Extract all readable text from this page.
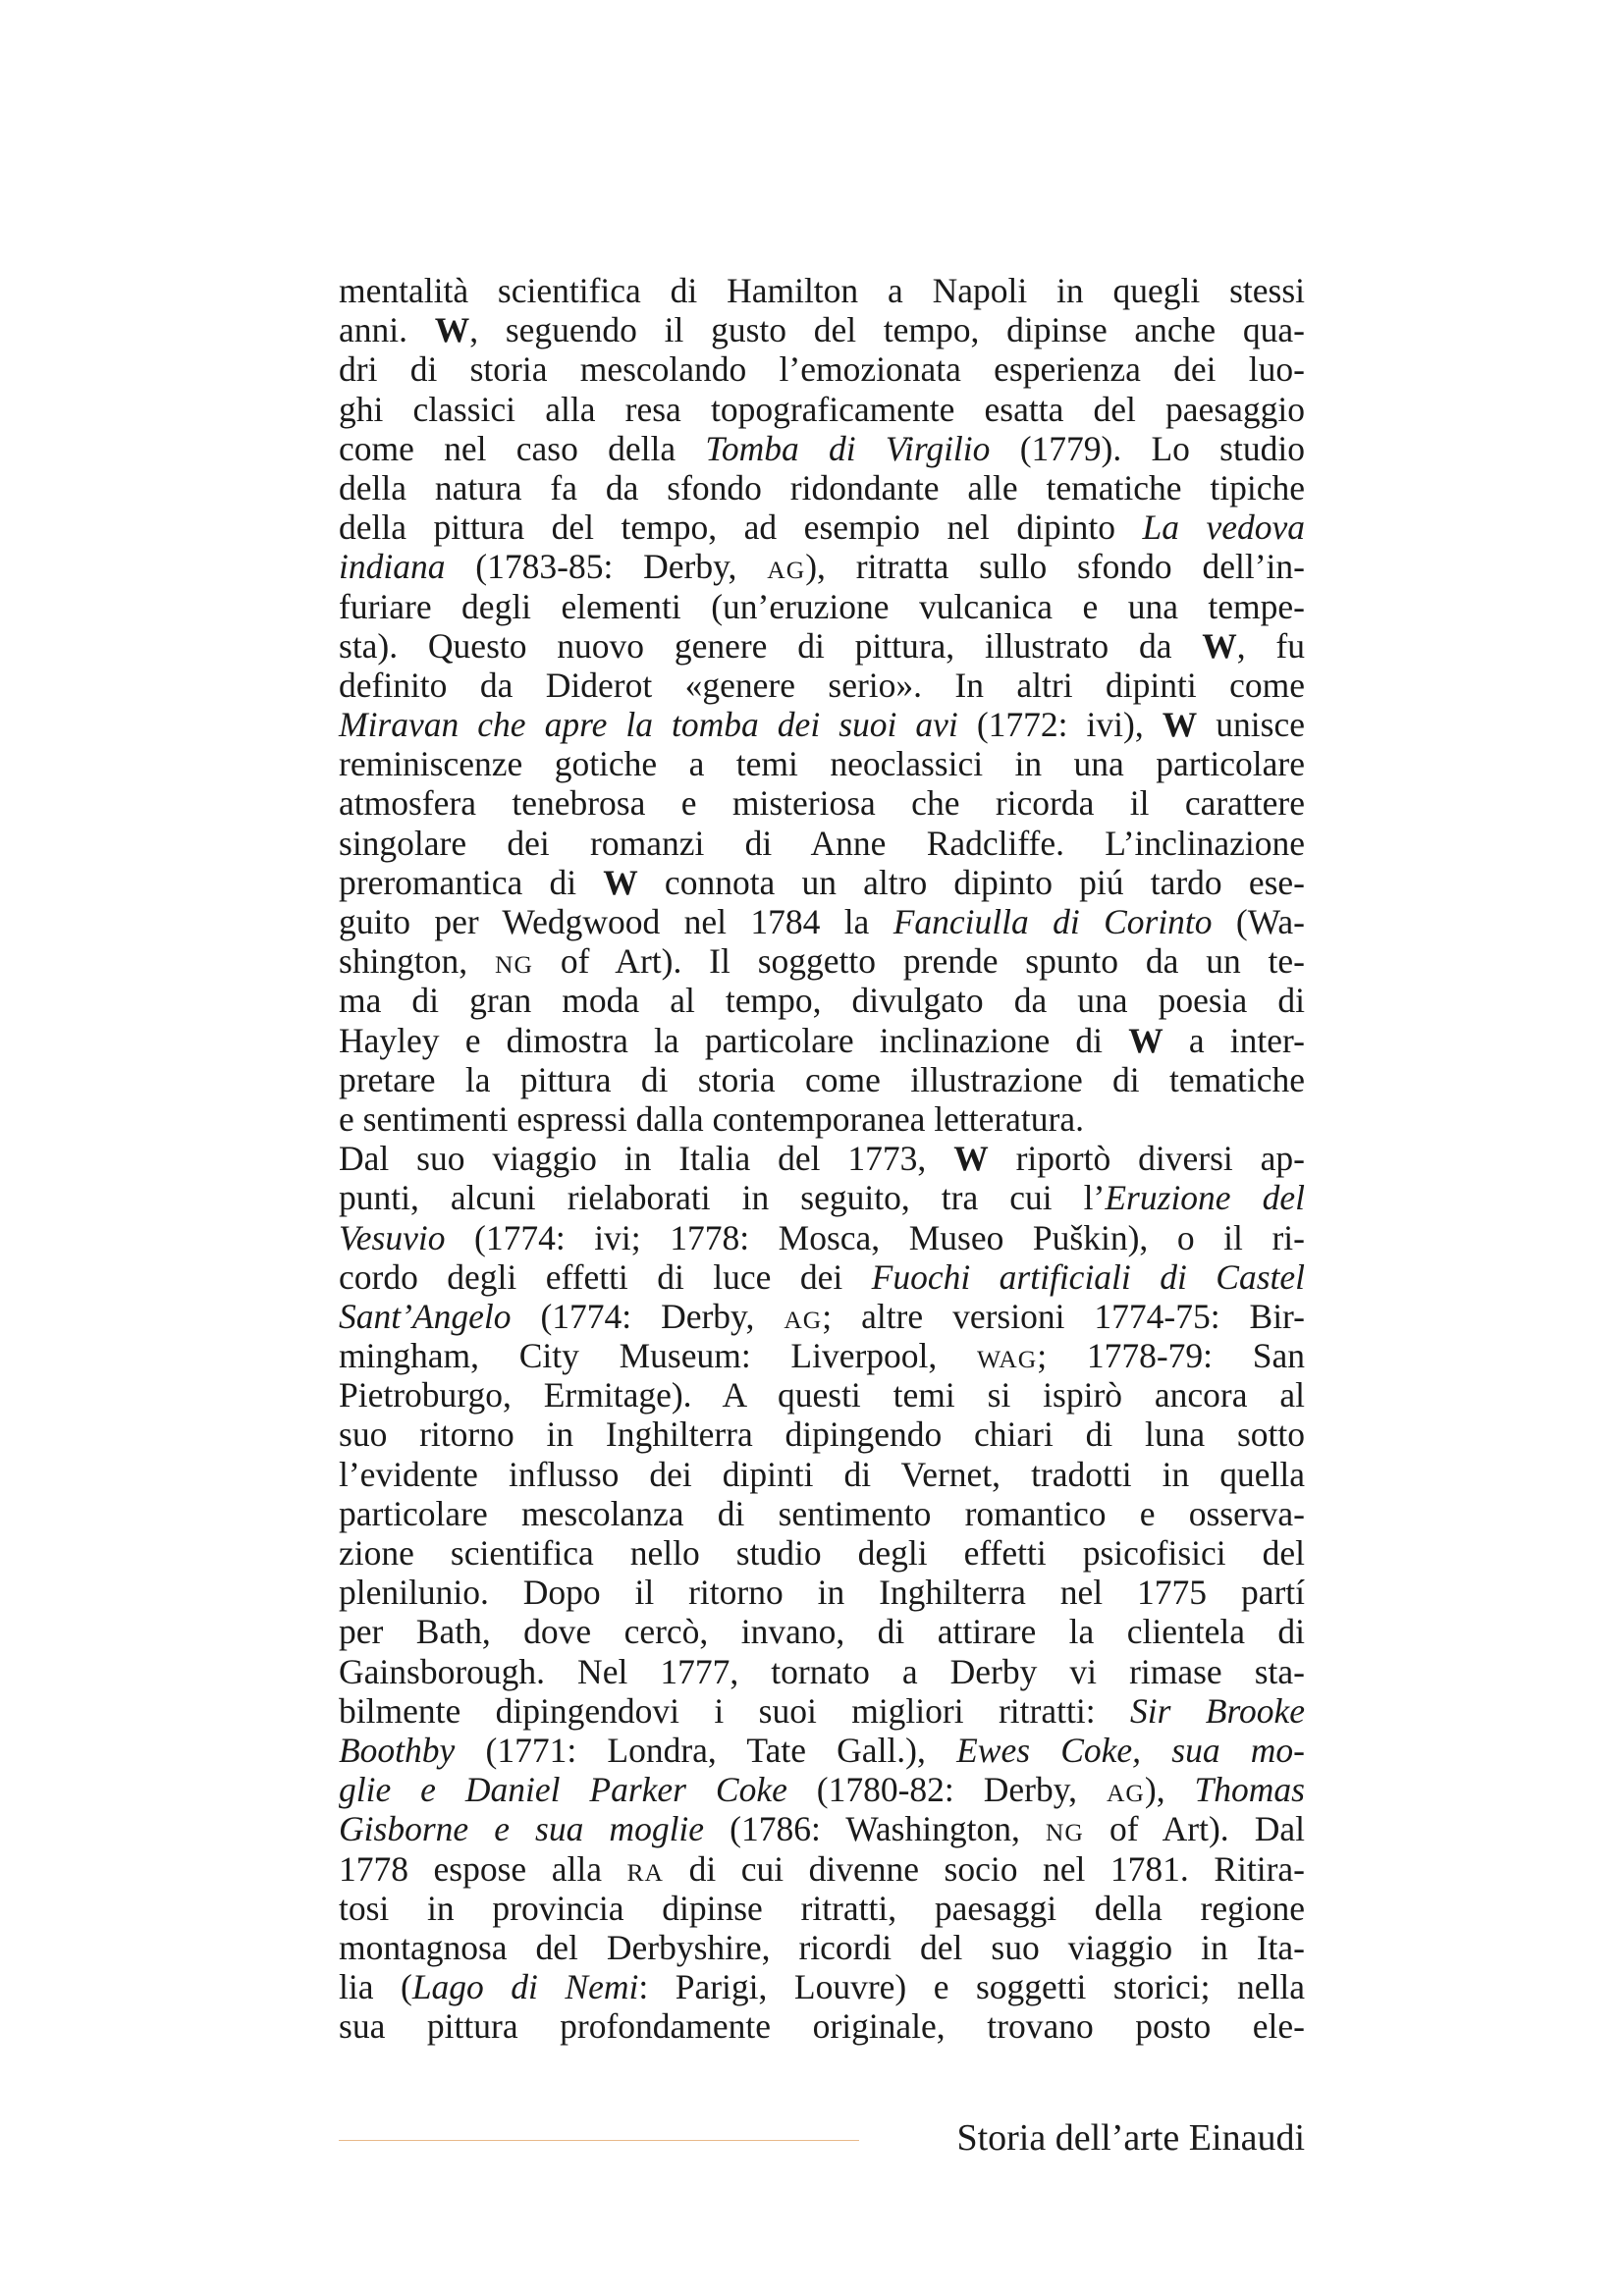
mentalità scientifica di Hamilton a Napoli in quegli stessi
anni. W, seguendo il gusto del tempo, dipinse anche qua-
dri di storia mescolando l’emozionata esperienza dei luo-
ghi classici alla resa topograficamente esatta del paesaggio
come nel caso della Tomba di Virgilio (1779). Lo studio
della natura fa da sfondo ridondante alle tematiche tipiche
della pittura del tempo, ad esempio nel dipinto La vedova
indiana (1783-85: Derby, AG), ritratta sullo sfondo dell’in-
furiare degli elementi (un’eruzione vulcanica e una tempe-
sta). Questo nuovo genere di pittura, illustrato da W, fu
definito da Diderot «genere serio». In altri dipinti come
Miravan che apre la tomba dei suoi avi (1772: ivi), W unisce
reminiscenze gotiche a temi neoclassici in una particolare
atmosfera tenebrosa e misteriosa che ricorda il carattere
singolare dei romanzi di Anne Radcliffe. L’inclinazione
preromantica di W connota un altro dipinto piú tardo ese-
guito per Wedgwood nel 1784 la Fanciulla di Corinto (Wa-
shington, NG of Art). Il soggetto prende spunto da un te-
ma di gran moda al tempo, divulgato da una poesia di
Hayley e dimostra la particolare inclinazione di W a inter-
pretare la pittura di storia come illustrazione di tematiche
e sentimenti espressi dalla contemporanea letteratura.
Dal suo viaggio in Italia del 1773, W riportò diversi ap-
punti, alcuni rielaborati in seguito, tra cui l’Eruzione del
Vesuvio (1774: ivi; 1778: Mosca, Museo Puškin), o il ri-
cordo degli effetti di luce dei Fuochi artificiali di Castel
Sant’Angelo (1774: Derby, AG; altre versioni 1774-75: Bir-
mingham, City Museum: Liverpool, WAG; 1778-79: San
Pietroburgo, Ermitage). A questi temi si ispirò ancora al
suo ritorno in Inghilterra dipingendo chiari di luna sotto
l’evidente influsso dei dipinti di Vernet, tradotti in quella
particolare mescolanza di sentimento romantico e osserva-
zione scientifica nello studio degli effetti psicofisici del
plenilunio. Dopo il ritorno in Inghilterra nel 1775 partí
per Bath, dove cercò, invano, di attirare la clientela di
Gainsborough. Nel 1777, tornato a Derby vi rimase sta-
bilmente dipingendovi i suoi migliori ritratti: Sir Brooke
Boothby (1771: Londra, Tate Gall.), Ewes Coke, sua mo-
glie e Daniel Parker Coke (1780-82: Derby, AG), Thomas
Gisborne e sua moglie (1786: Washington, NG of Art). Dal
1778 espose alla RA di cui divenne socio nel 1781. Ritira-
tosi in provincia dipinse ritratti, paesaggi della regione
montagnosa del Derbyshire, ricordi del suo viaggio in Ita-
lia (Lago di Nemi: Parigi, Louvre) e soggetti storici; nella
sua pittura profondamente originale, trovano posto ele-
Storia dell’arte Einaudi
